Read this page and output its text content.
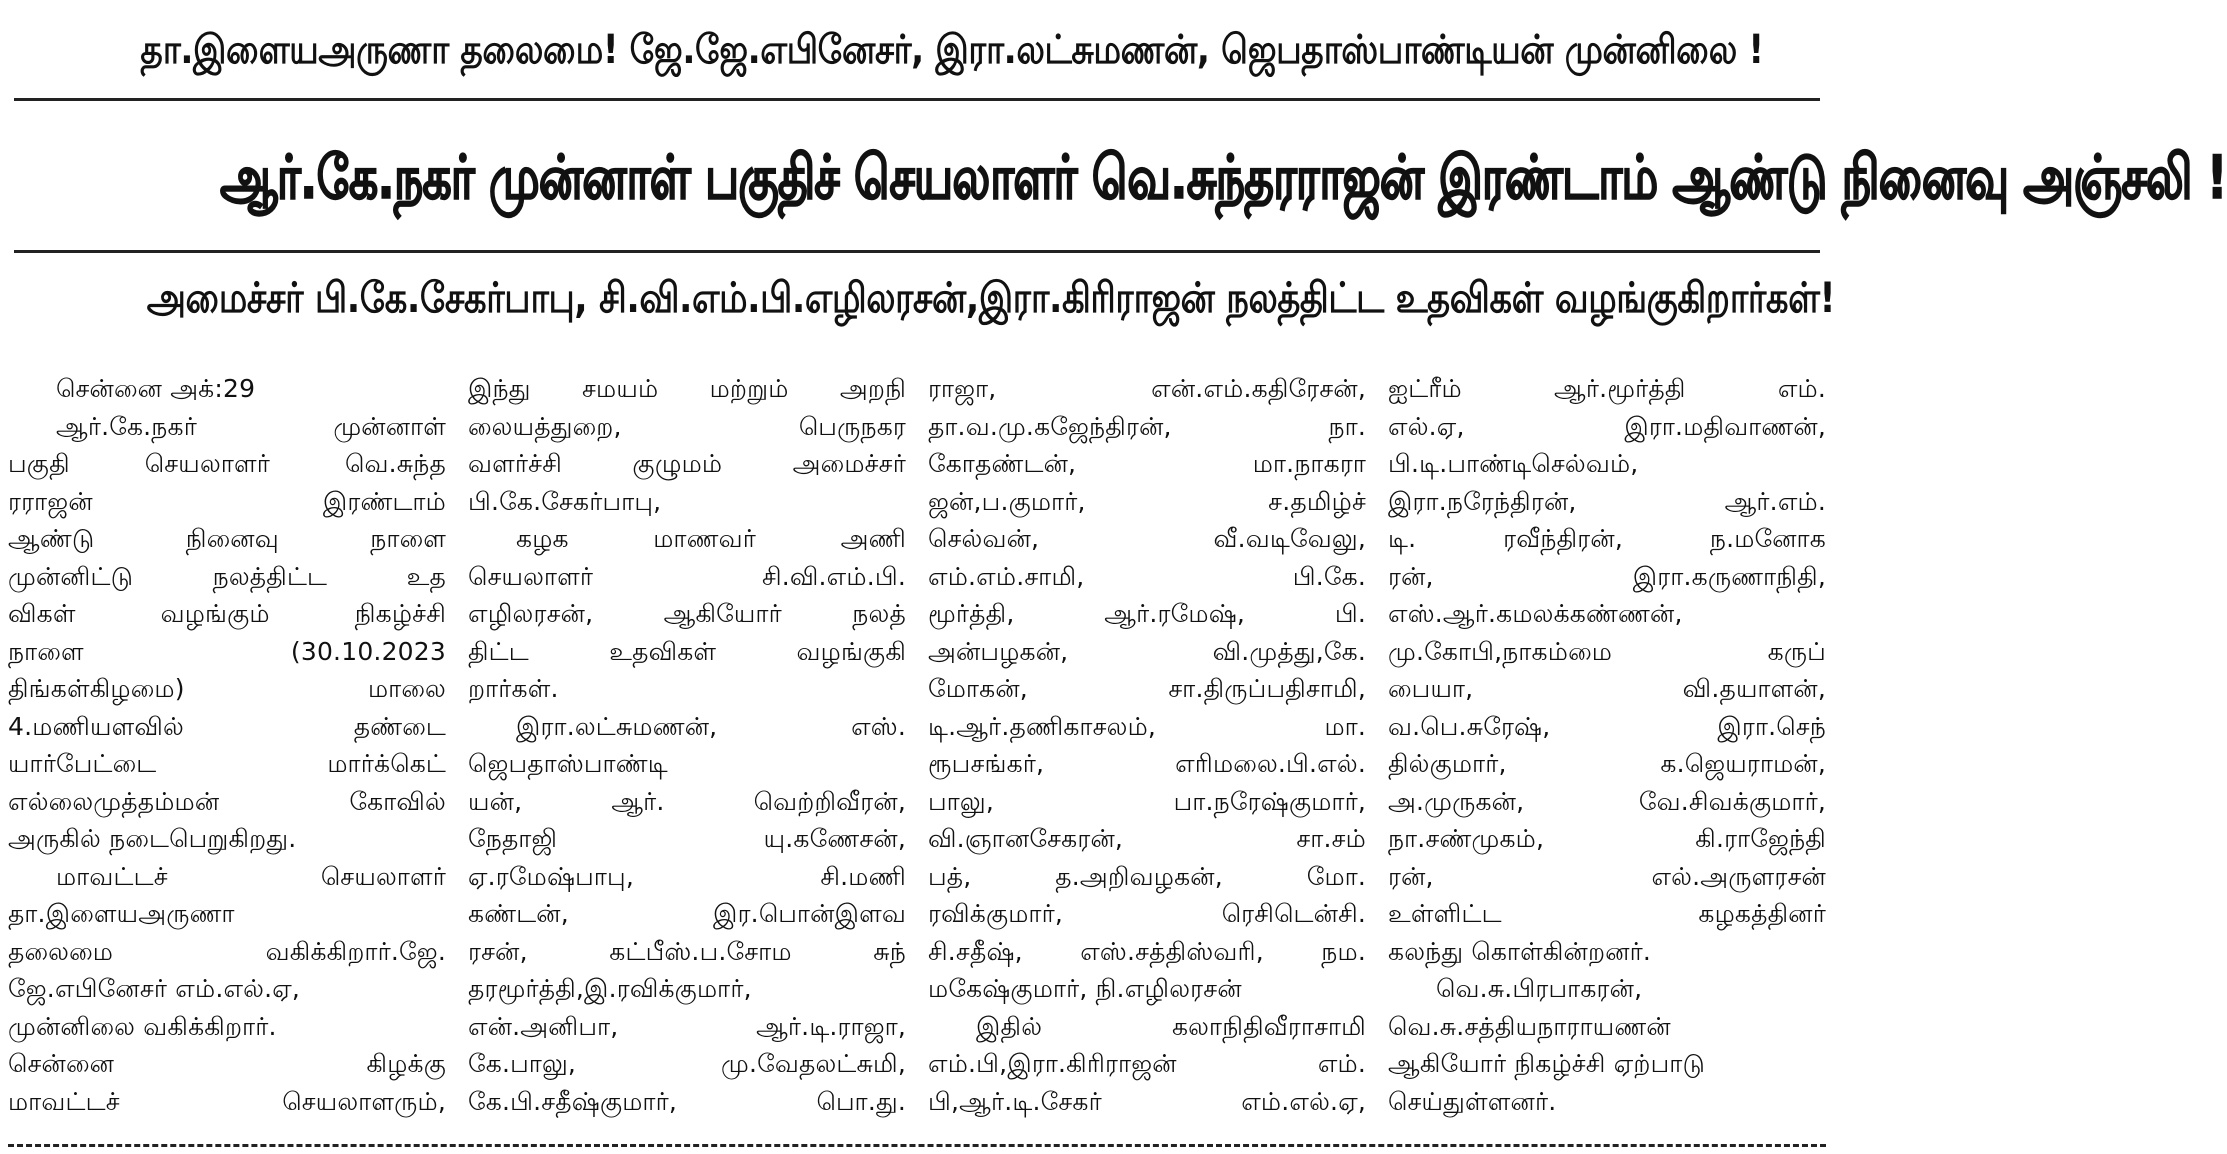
தா.இளையஅருணா தலைமை! ஜே.ஜே.எபினேசர், இரா.லட்சுமணன், ஜெபதாஸ்பாண்டியன் முன்னிலை !
ஆர்.கே.நகர் முன்னாள் பகுதிச் செயலாளர் வெ.சுந்தரராஜன் இரண்டாம் ஆண்டு நினைவு அஞ்சலி !
அமைச்சர் பி.கே.சேகர்பாபு, சி.வி.எம்.பி.எழிலரசன்,இரா.கிரிராஜன் நலத்திட்ட உதவிகள் வழங்குகிறார்கள்!
சென்னை அக்:29
ஆர்.கே.நகர் முன்னாள்
பகுதி செயலாளர் வெ.சுந்த
ரராஜன் இரண்டாம்
ஆண்டு நினைவு நாளை
முன்னிட்டு நலத்திட்ட உத
விகள் வழங்கும் நிகழ்ச்சி
நாளை (30.10.2023
திங்கள்கிழமை) மாலை
4.மணியளவில் தண்டை
யார்பேட்டை மார்க்கெட்
எல்லைமுத்தம்மன் கோவில்
அருகில் நடைபெறுகிறது.
மாவட்டச் செயலாளர்
தா.இளையஅருணா
தலைமை வகிக்கிறார்.ஜே.
ஜே.எபினேசர் எம்.எல்.ஏ,
முன்னிலை வகிக்கிறார்.
சென்னை கிழக்கு
மாவட்டச் செயலாளரும்,
இந்து சமயம் மற்றும் அறநி
லையத்துறை, பெருநகர
வளர்ச்சி குழுமம் அமைச்சர்
பி.கே.சேகர்பாபு,
கழக மாணவர் அணி
செயலாளர் சி.வி.எம்.பி.
எழிலரசன், ஆகியோர் நலத்
திட்ட உதவிகள் வழங்குகி
றார்கள்.
இரா.லட்சுமணன், எஸ்.
ஜெபதாஸ்பாண்டி
யன், ஆர். வெற்றிவீரன்,
நேதாஜி யு.கணேசன்,
ஏ.ரமேஷ்பாபு, சி.மணி
கண்டன், இர.பொன்இளவ
ரசன், கட்பீஸ்.ப.சோம சுந்
தரமூர்த்தி,இ.ரவிக்குமார்,
என்.அனிபா, ஆர்.டி.ராஜா,
கே.பாலு, மு.வேதலட்சுமி,
கே.பி.சதீஷ்குமார், பொ.து.
ராஜா, என்.எம்.கதிரேசன்,
தா.வ.மு.கஜேந்திரன், நா.
கோதண்டன், மா.நாகரா
ஜன்,ப.குமார், ச.தமிழ்ச்
செல்வன், வீ.வடிவேலு,
எம்.எம்.சாமி, பி.கே.
மூர்த்தி, ஆர்.ரமேஷ், பி.
அன்பழகன், வி.முத்து,கே.
மோகன், சா.திருப்பதிசாமி,
டி.ஆர்.தணிகாசலம், மா.
ரூபசங்கர், எரிமலை.பி.எல்.
பாலு, பா.நரேஷ்குமார்,
வி.ஞானசேகரன், சா.சம்
பத், த.அறிவழகன், மோ.
ரவிக்குமார், ரெசிடென்சி.
சி.சதீஷ், எஸ்.சத்திஸ்வரி, நம.
மகேஷ்குமார், நி.எழிலரசன்
இதில் கலாநிதிவீராசாமி
எம்.பி,இரா.கிரிராஜன் எம்.
பி,ஆர்.டி.சேகர் எம்.எல்.ஏ,
ஐட்ரீம் ஆர்.மூர்த்தி எம்.
எல்.ஏ, இரா.மதிவாணன்,
பி.டி.பாண்டிசெல்வம்,
இரா.நரேந்திரன், ஆர்.எம்.
டி. ரவீந்திரன், ந.மனோக
ரன், இரா.கருணாநிதி,
எஸ்.ஆர்.கமலக்கண்ணன்,
மு.கோபி,நாகம்மை கருப்
பையா, வி.தயாளன்,
வ.பெ.சுரேஷ், இரா.செந்
தில்குமார், க.ஜெயராமன்,
அ.முருகன், வே.சிவக்குமார்,
நா.சண்முகம், கி.ராஜேந்தி
ரன், எல்.அருளரசன்
உள்ளிட்ட கழகத்தினர்
கலந்து கொள்கின்றனர்.
வெ.சு.பிரபாகரன்,
வெ.சு.சத்தியநாராயணன்
ஆகியோர் நிகழ்ச்சி ஏற்பாடு
செய்துள்ளனர்.
